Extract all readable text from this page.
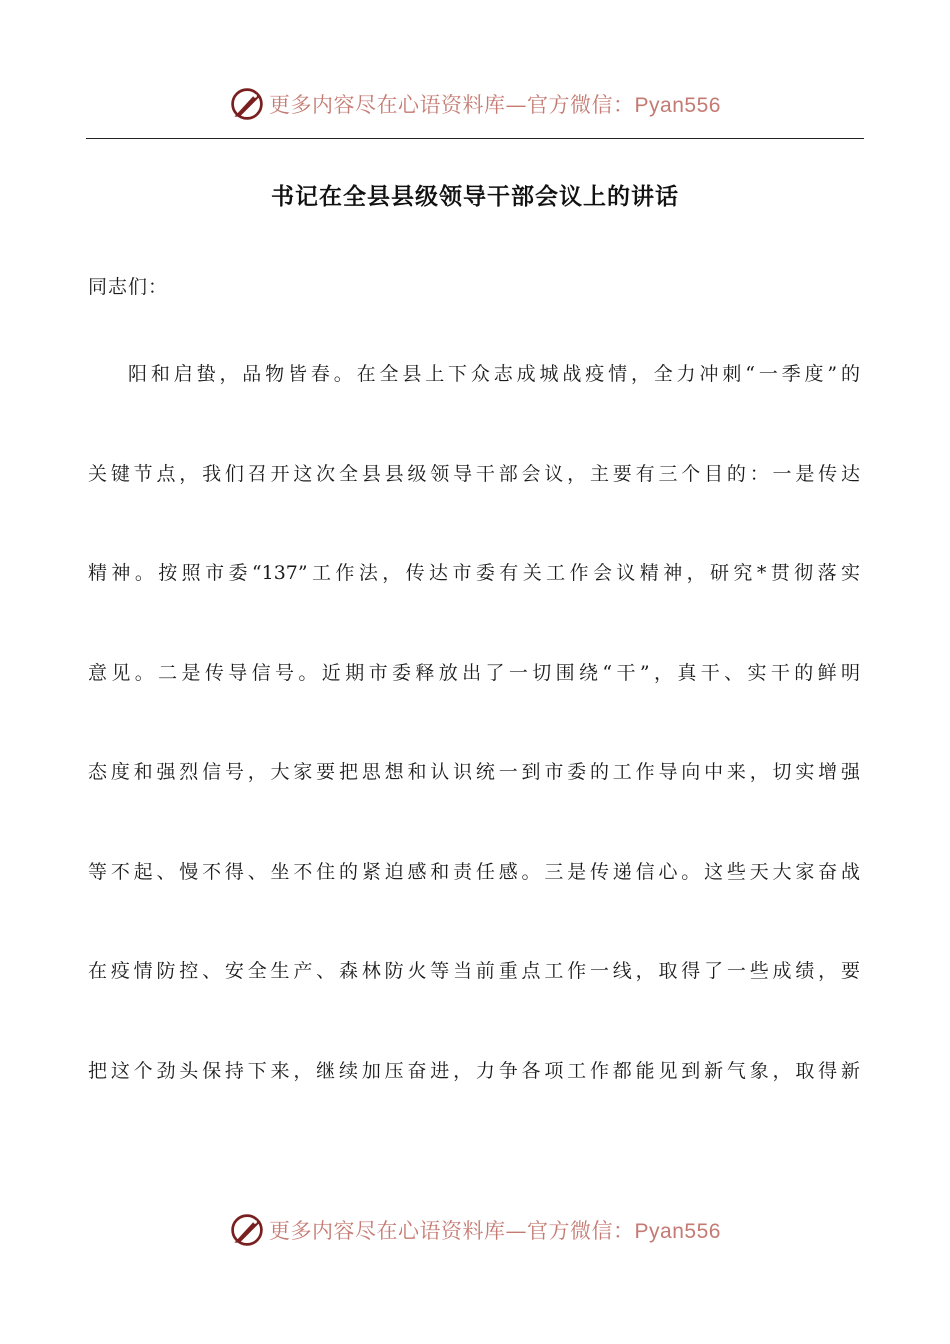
更多内容尽在心语资料库—官方微信：Pyan556
书记在全县县级领导干部会议上的讲话

同志们：

阳和启蛰，品物皆春。在全县上下众志成城战疫情，全力冲刺“一季度”的
关键节点，我们召开这次全县县级领导干部会议，主要有三个目的：一是传达
精神。按照市委“137”工作法，传达市委有关工作会议精神，研究*贯彻落实
意见。二是传导信号。近期市委释放出了一切围绕“干”，真干、实干的鲜明
态度和强烈信号，大家要把思想和认识统一到市委的工作导向中来，切实增强
等不起、慢不得、坐不住的紧迫感和责任感。三是传递信心。这些天大家奋战
在疫情防控、安全生产、森林防火等当前重点工作一线，取得了一些成绩，要
把这个劲头保持下来，继续加压奋进，力争各项工作都能见到新气象，取得新
更多内容尽在心语资料库—官方微信：Pyan556
